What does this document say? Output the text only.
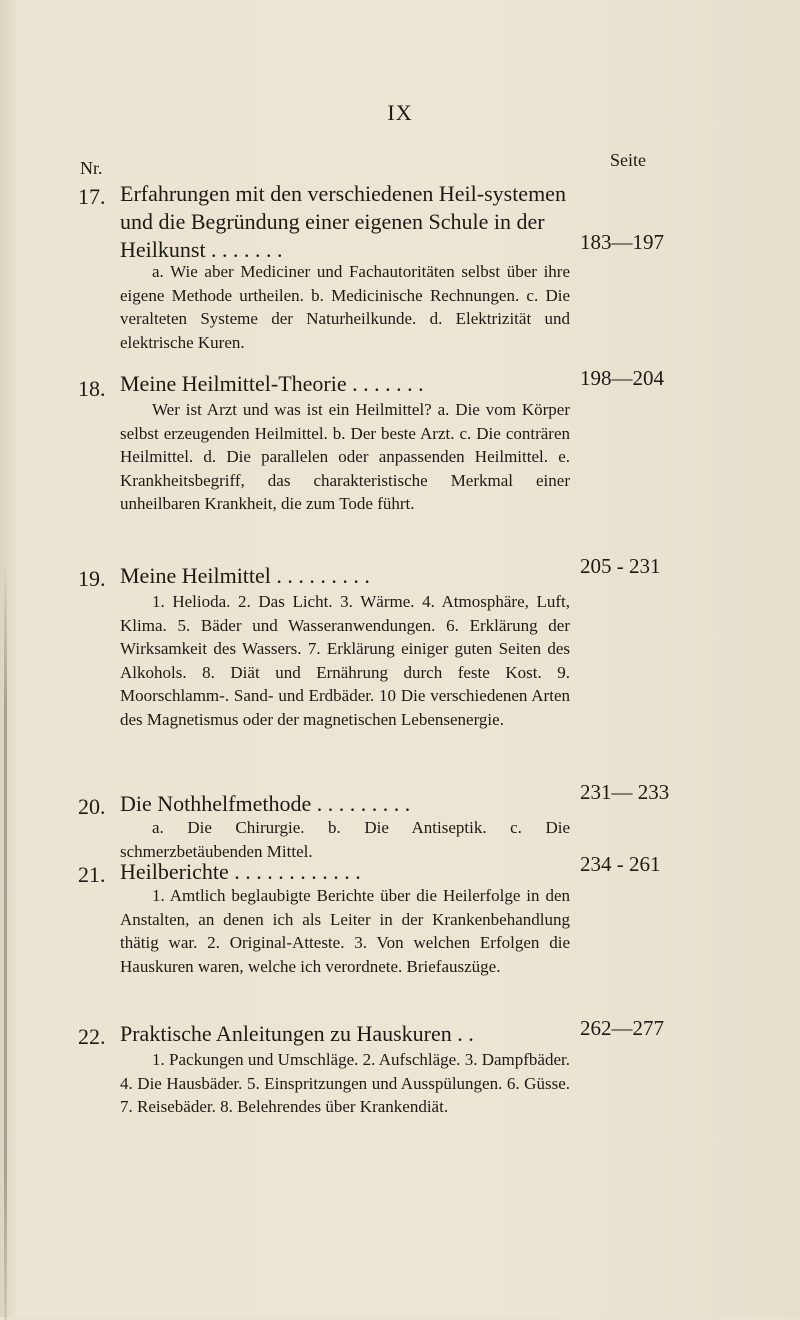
IX
Nr.	Seite
17. Erfahrungen mit den verschiedenen Heil-systemen und die Begründung einer eigenen Schule in der Heilkunst . . . . . . .	183—197

a. Wie aber Mediciner und Fachautoritäten selbst über ihre eigene Methode urtheilen. b. Medicinische Rechnungen. c. Die veralteten Systeme der Naturheilkunde. d. Elektrizität und elektrische Kuren.

18. Meine Heilmittel-Theorie . . . . . . .	198—204

Wer ist Arzt und was ist ein Heilmittel? a. Die vom Körper selbst erzeugenden Heilmittel. b. Der beste Arzt. c. Die conträren Heilmittel. d. Die parallelen oder anpassenden Heilmittel. e. Krankheitsbegriff, das charakteristische Merkmal einer unheilbaren Krankheit, die zum Tode führt.

19. Meine Heilmittel . . . . . . . . .	205 - 231

1. Helioda. 2. Das Licht. 3. Wärme. 4. Atmosphäre, Luft, Klima. 5. Bäder und Wasseranwendungen. 6. Erklärung der Wirksamkeit des Wassers. 7. Erklärung einiger guten Seiten des Alkohols. 8. Diät und Ernährung durch feste Kost. 9. Moorschlamm-. Sand- und Erdbäder. 10 Die verschiedenen Arten des Magnetismus oder der magnetischen Lebensenergie.

20. Die Nothhelfmethode . . . . . . . . .	231— 233

a. Die Chirurgie. b. Die Antiseptik. c. Die schmerzbetäubenden Mittel.

21. Heilberichte . . . . . . . . . . . .	234 - 261

1. Amtlich beglaubigte Berichte über die Heilerfolge in den Anstalten, an denen ich als Leiter in der Krankenbehandlung thätig war. 2. Original-Atteste. 3. Von welchen Erfolgen die Hauskuren waren, welche ich verordnete. Briefauszüge.

22. Praktische Anleitungen zu Hauskuren . .	262—277

1. Packungen und Umschläge. 2. Aufschläge. 3. Dampfbäder. 4. Die Hausbäder. 5. Einspritzungen und Ausspülungen. 6. Güsse. 7. Reisebäder. 8. Belehrendes über Krankendiät.
